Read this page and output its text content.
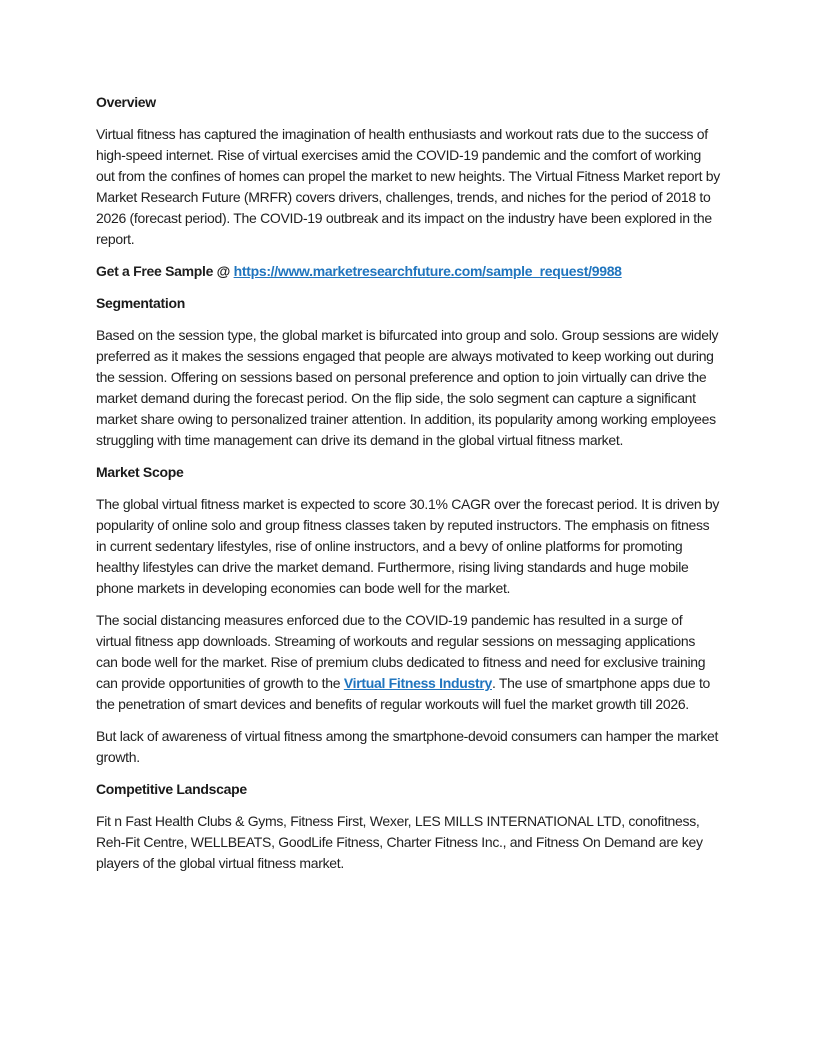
Overview

Virtual fitness has captured the imagination of health enthusiasts and workout rats due to the success of high-speed internet. Rise of virtual exercises amid the COVID-19 pandemic and the comfort of working out from the confines of homes can propel the market to new heights. The Virtual Fitness Market report by Market Research Future (MRFR) covers drivers, challenges, trends, and niches for the period of 2018 to 2026 (forecast period). The COVID-19 outbreak and its impact on the industry have been explored in the report.

Get a Free Sample @ https://www.marketresearchfuture.com/sample_request/9988

Segmentation

Based on the session type, the global market is bifurcated into group and solo. Group sessions are widely preferred as it makes the sessions engaged that people are always motivated to keep working out during the session. Offering on sessions based on personal preference and option to join virtually can drive the market demand during the forecast period. On the flip side, the solo segment can capture a significant market share owing to personalized trainer attention. In addition, its popularity among working employees struggling with time management can drive its demand in the global virtual fitness market.

Market Scope

The global virtual fitness market is expected to score 30.1% CAGR over the forecast period. It is driven by popularity of online solo and group fitness classes taken by reputed instructors. The emphasis on fitness in current sedentary lifestyles, rise of online instructors, and a bevy of online platforms for promoting healthy lifestyles can drive the market demand. Furthermore, rising living standards and huge mobile phone markets in developing economies can bode well for the market.

The social distancing measures enforced due to the COVID-19 pandemic has resulted in a surge of virtual fitness app downloads. Streaming of workouts and regular sessions on messaging applications can bode well for the market. Rise of premium clubs dedicated to fitness and need for exclusive training can provide opportunities of growth to the Virtual Fitness Industry. The use of smartphone apps due to the penetration of smart devices and benefits of regular workouts will fuel the market growth till 2026.

But lack of awareness of virtual fitness among the smartphone-devoid consumers can hamper the market growth.

Competitive Landscape

Fit n Fast Health Clubs & Gyms, Fitness First, Wexer, LES MILLS INTERNATIONAL LTD, conofitness, Reh-Fit Centre, WELLBEATS, GoodLife Fitness, Charter Fitness Inc., and Fitness On Demand are key players of the global virtual fitness market.
